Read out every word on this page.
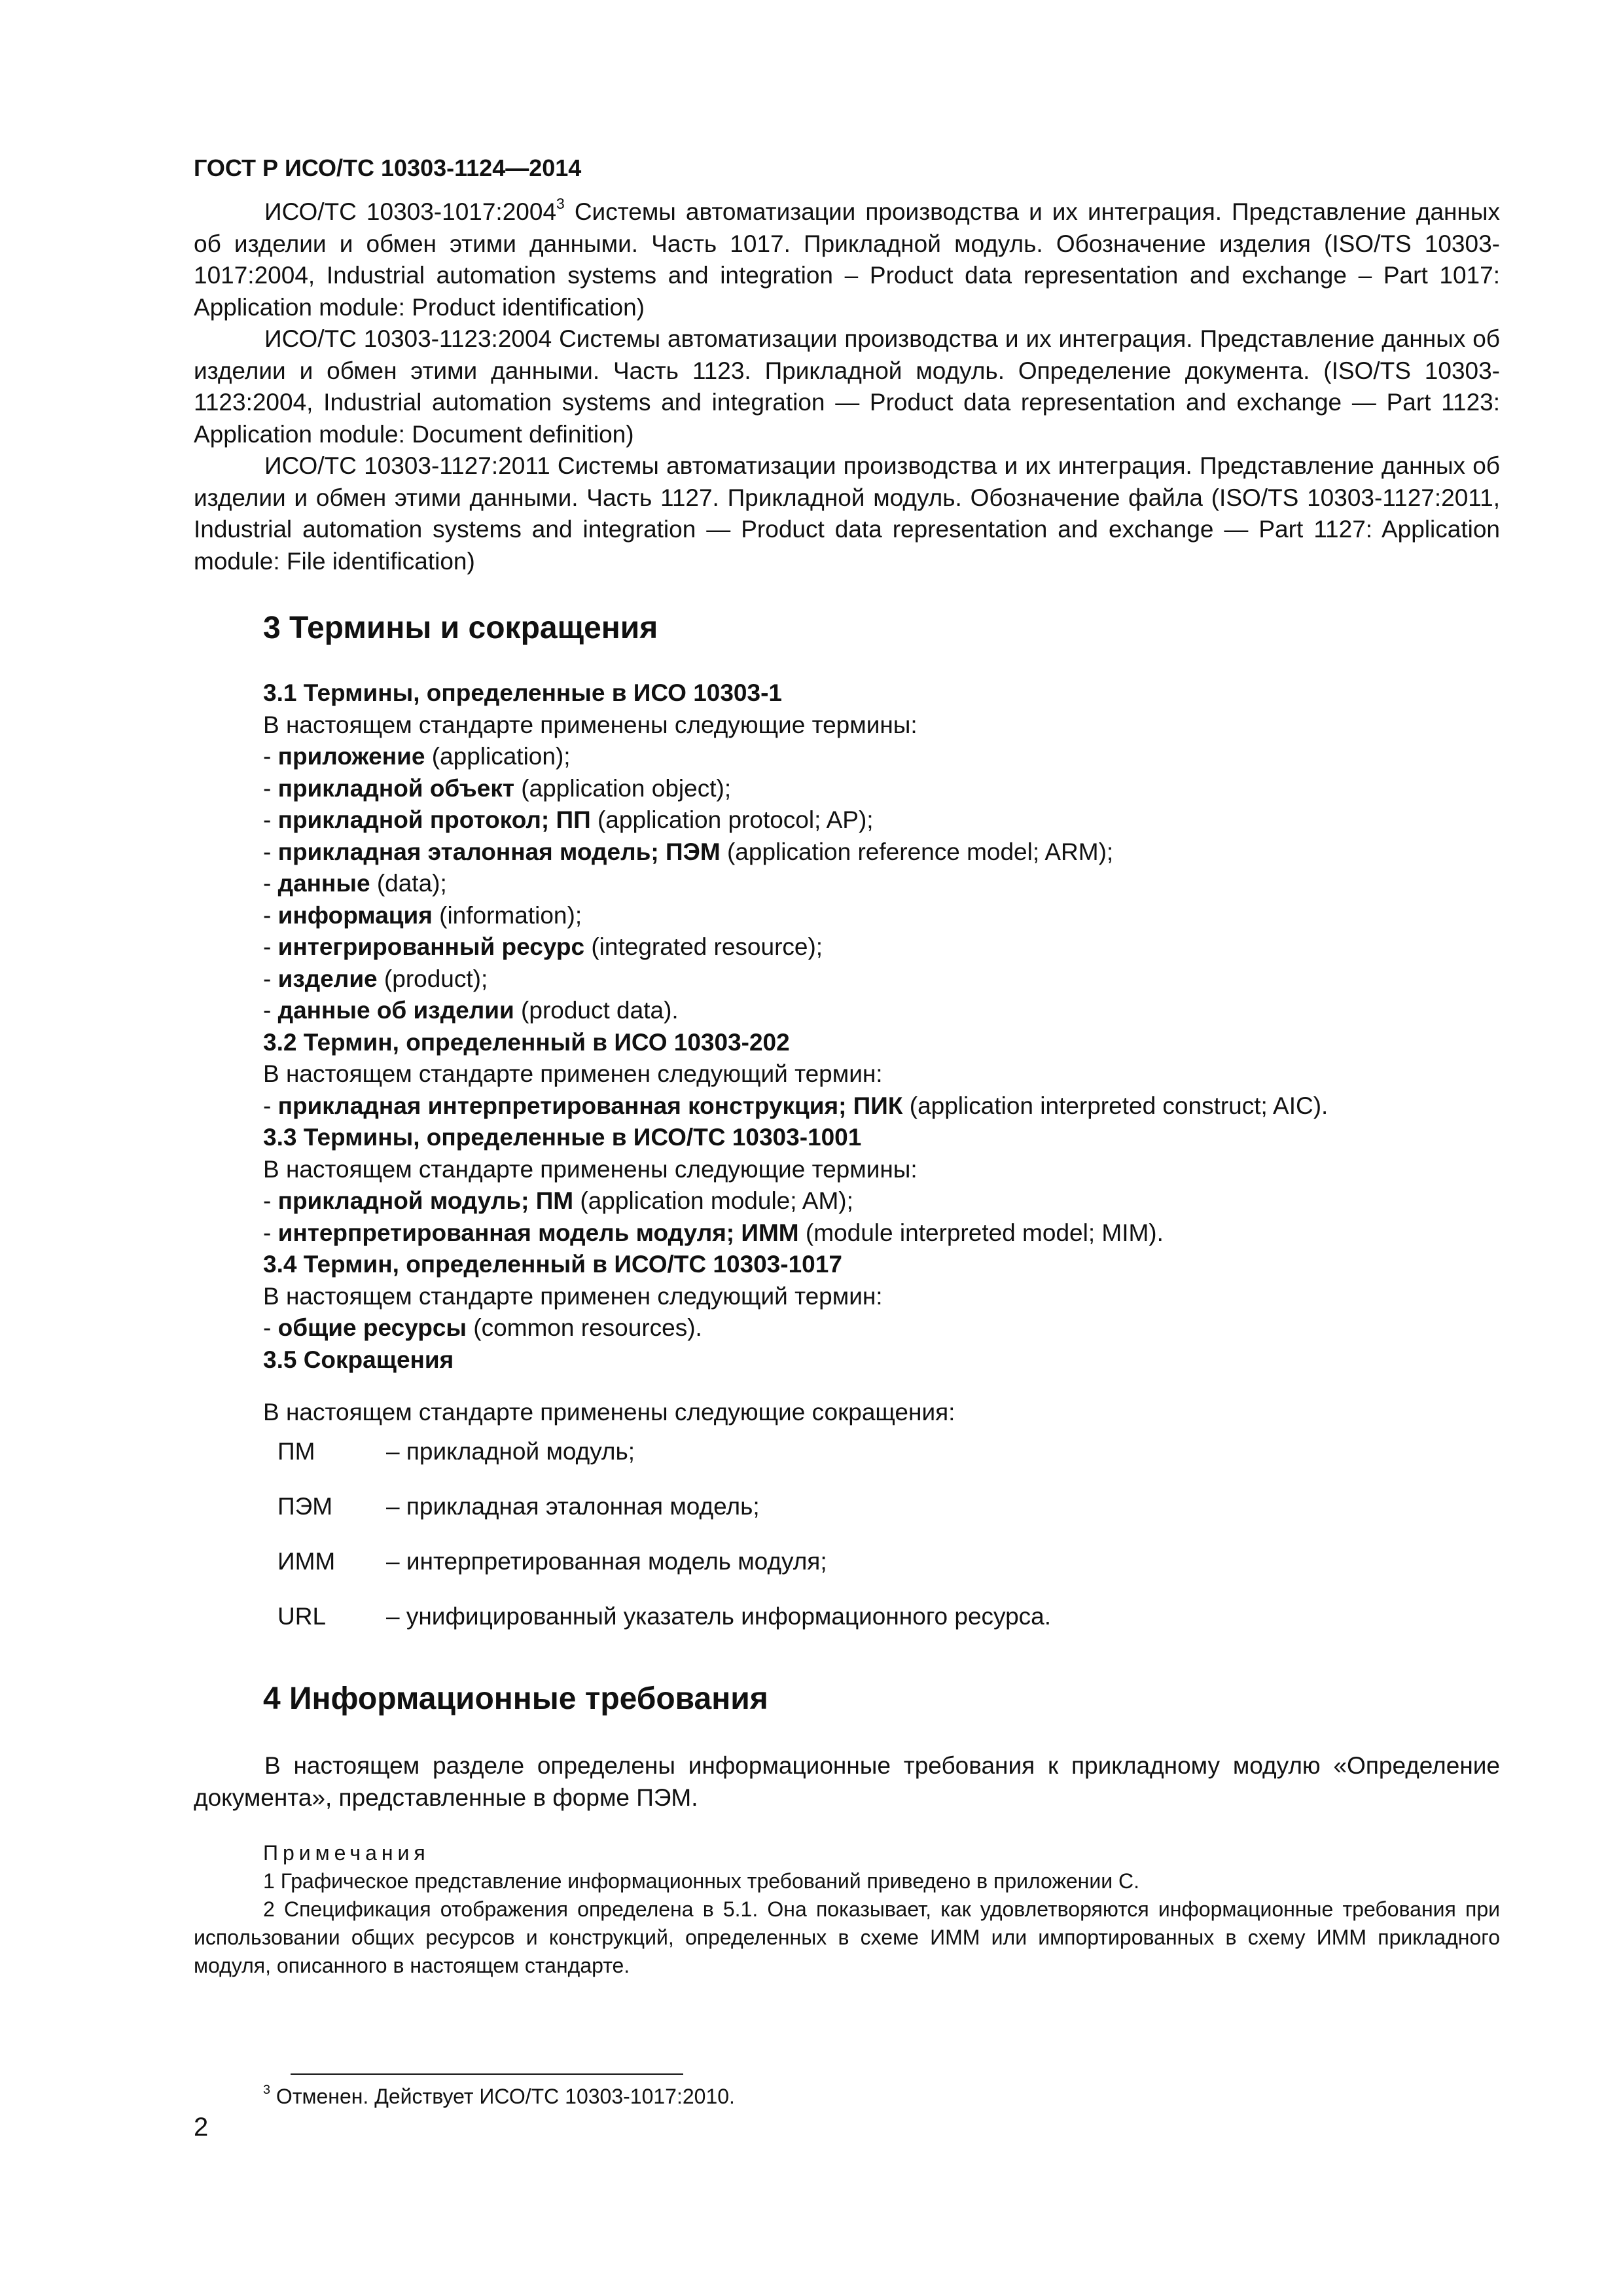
ГОСТ Р ИСО/ТС 10303-1124—2014
ИСО/ТС 10303-1017:2004$^3$ Системы автоматизации производства и их интеграция. Представление данных об изделии и обмен этими данными. Часть 1017. Прикладной модуль. Обозначение изделия (ISO/TS 10303-1017:2004, Industrial automation systems and integration – Product data representation and exchange – Part 1017: Application module: Product identification)
ИСО/ТС 10303-1123:2004 Системы автоматизации производства и их интеграция. Представление данных об изделии и обмен этими данными. Часть 1123. Прикладной модуль. Определение документа. (ISO/TS 10303-1123:2004, Industrial automation systems and integration — Product data representation and exchange — Part 1123: Application module: Document definition)
ИСО/ТС 10303-1127:2011 Системы автоматизации производства и их интеграция. Представление данных об изделии и обмен этими данными. Часть 1127. Прикладной модуль. Обозначение файла (ISO/TS 10303-1127:2011, Industrial automation systems and integration — Product data representation and exchange — Part 1127: Application module: File identification)
3 Термины и сокращения
3.1 Термины, определенные в ИСО 10303-1
В настоящем стандарте применены следующие термины:
- приложение (application);
- прикладной объект (application object);
- прикладной протокол; ПП (application protocol; AP);
- прикладная эталонная модель; ПЭМ (application reference model; ARM);
- данные (data);
- информация (information);
- интегрированный ресурс (integrated resource);
- изделие (product);
- данные об изделии (product data).
3.2 Термин, определенный в ИСО 10303-202
В настоящем стандарте применен следующий термин:
- прикладная интерпретированная конструкция; ПИК (application interpreted construct; AIC).
3.3 Термины, определенные в ИСО/ТС 10303-1001
В настоящем стандарте применены следующие термины:
- прикладной модуль; ПМ (application module; AM);
- интерпретированная модель модуля; ИММ (module interpreted model; MIM).
3.4 Термин, определенный в ИСО/ТС 10303-1017
В настоящем стандарте применен следующий термин:
- общие ресурсы (common resources).
3.5 Сокращения
В настоящем стандарте применены следующие сокращения:
ПМ	– прикладной модуль;
ПЭМ – прикладная эталонная модель;
ИММ – интерпретированная модель модуля;
URL – унифицированный указатель информационного ресурса.
4 Информационные требования
В настоящем разделе определены информационные требования к прикладному модулю «Определение документа», представленные в форме ПЭМ.
Примечания
1 Графическое представление информационных требований приведено в приложении С.
2 Спецификация отображения определена в 5.1. Она показывает, как удовлетворяются информационные требования при использовании общих ресурсов и конструкций, определенных в схеме ИММ или импортированных в схему ИММ прикладного модуля, описанного в настоящем стандарте.
$^3$ Отменен. Действует ИСО/ТС 10303-1017:2010.
2
